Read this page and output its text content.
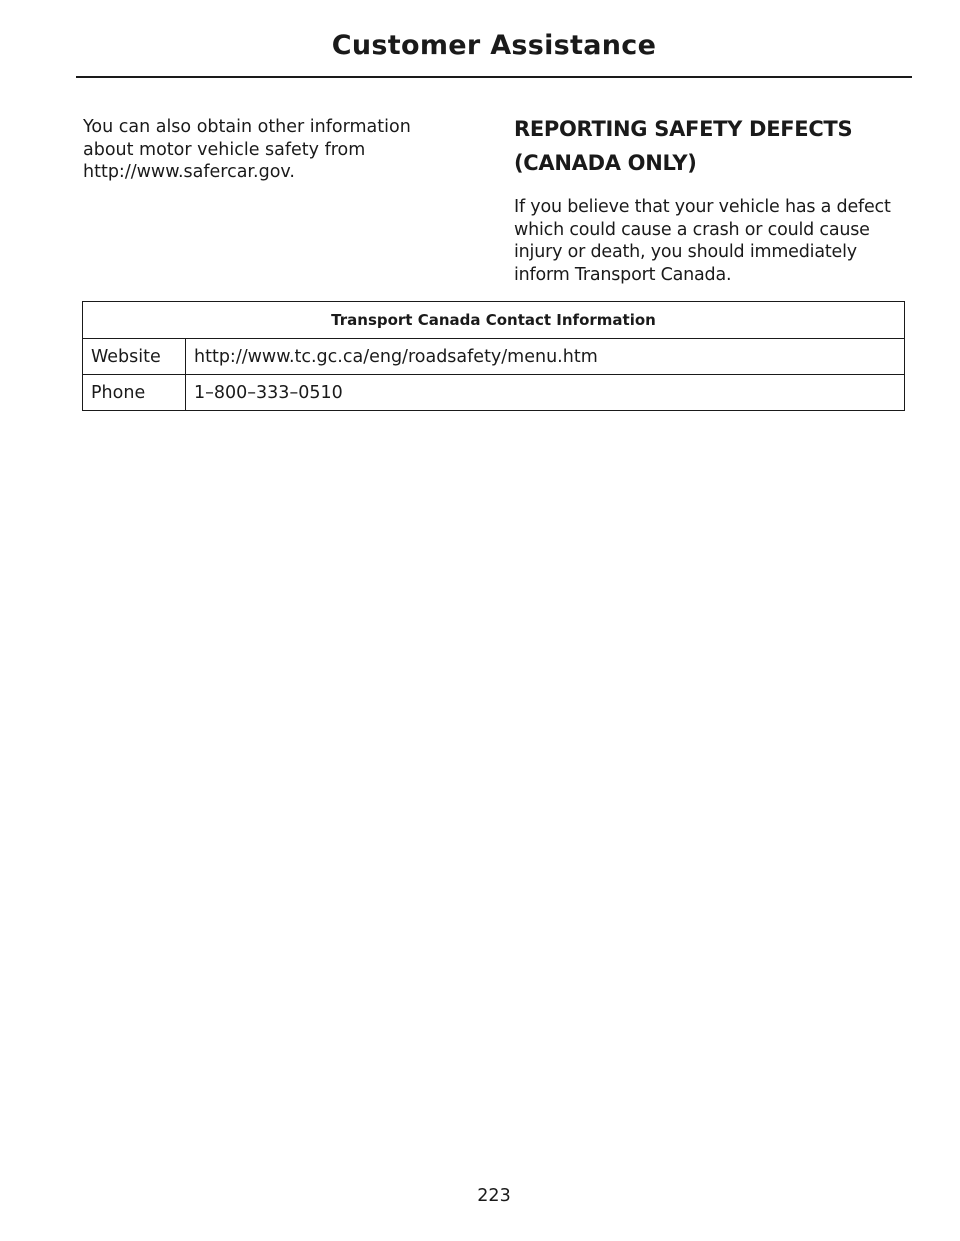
Customer Assistance
You can also obtain other information
about motor vehicle safety from
http://www.safercar.gov.
REPORTING SAFETY DEFECTS
(CANADA ONLY)
If you believe that your vehicle has a defect
which could cause a crash or could cause
injury or death, you should immediately
inform Transport Canada.
Transport Canada Contact Information	
Website	http://www.tc.gc.ca/eng/roadsafety/menu.htm
Phone	1–800–333–0510
223
